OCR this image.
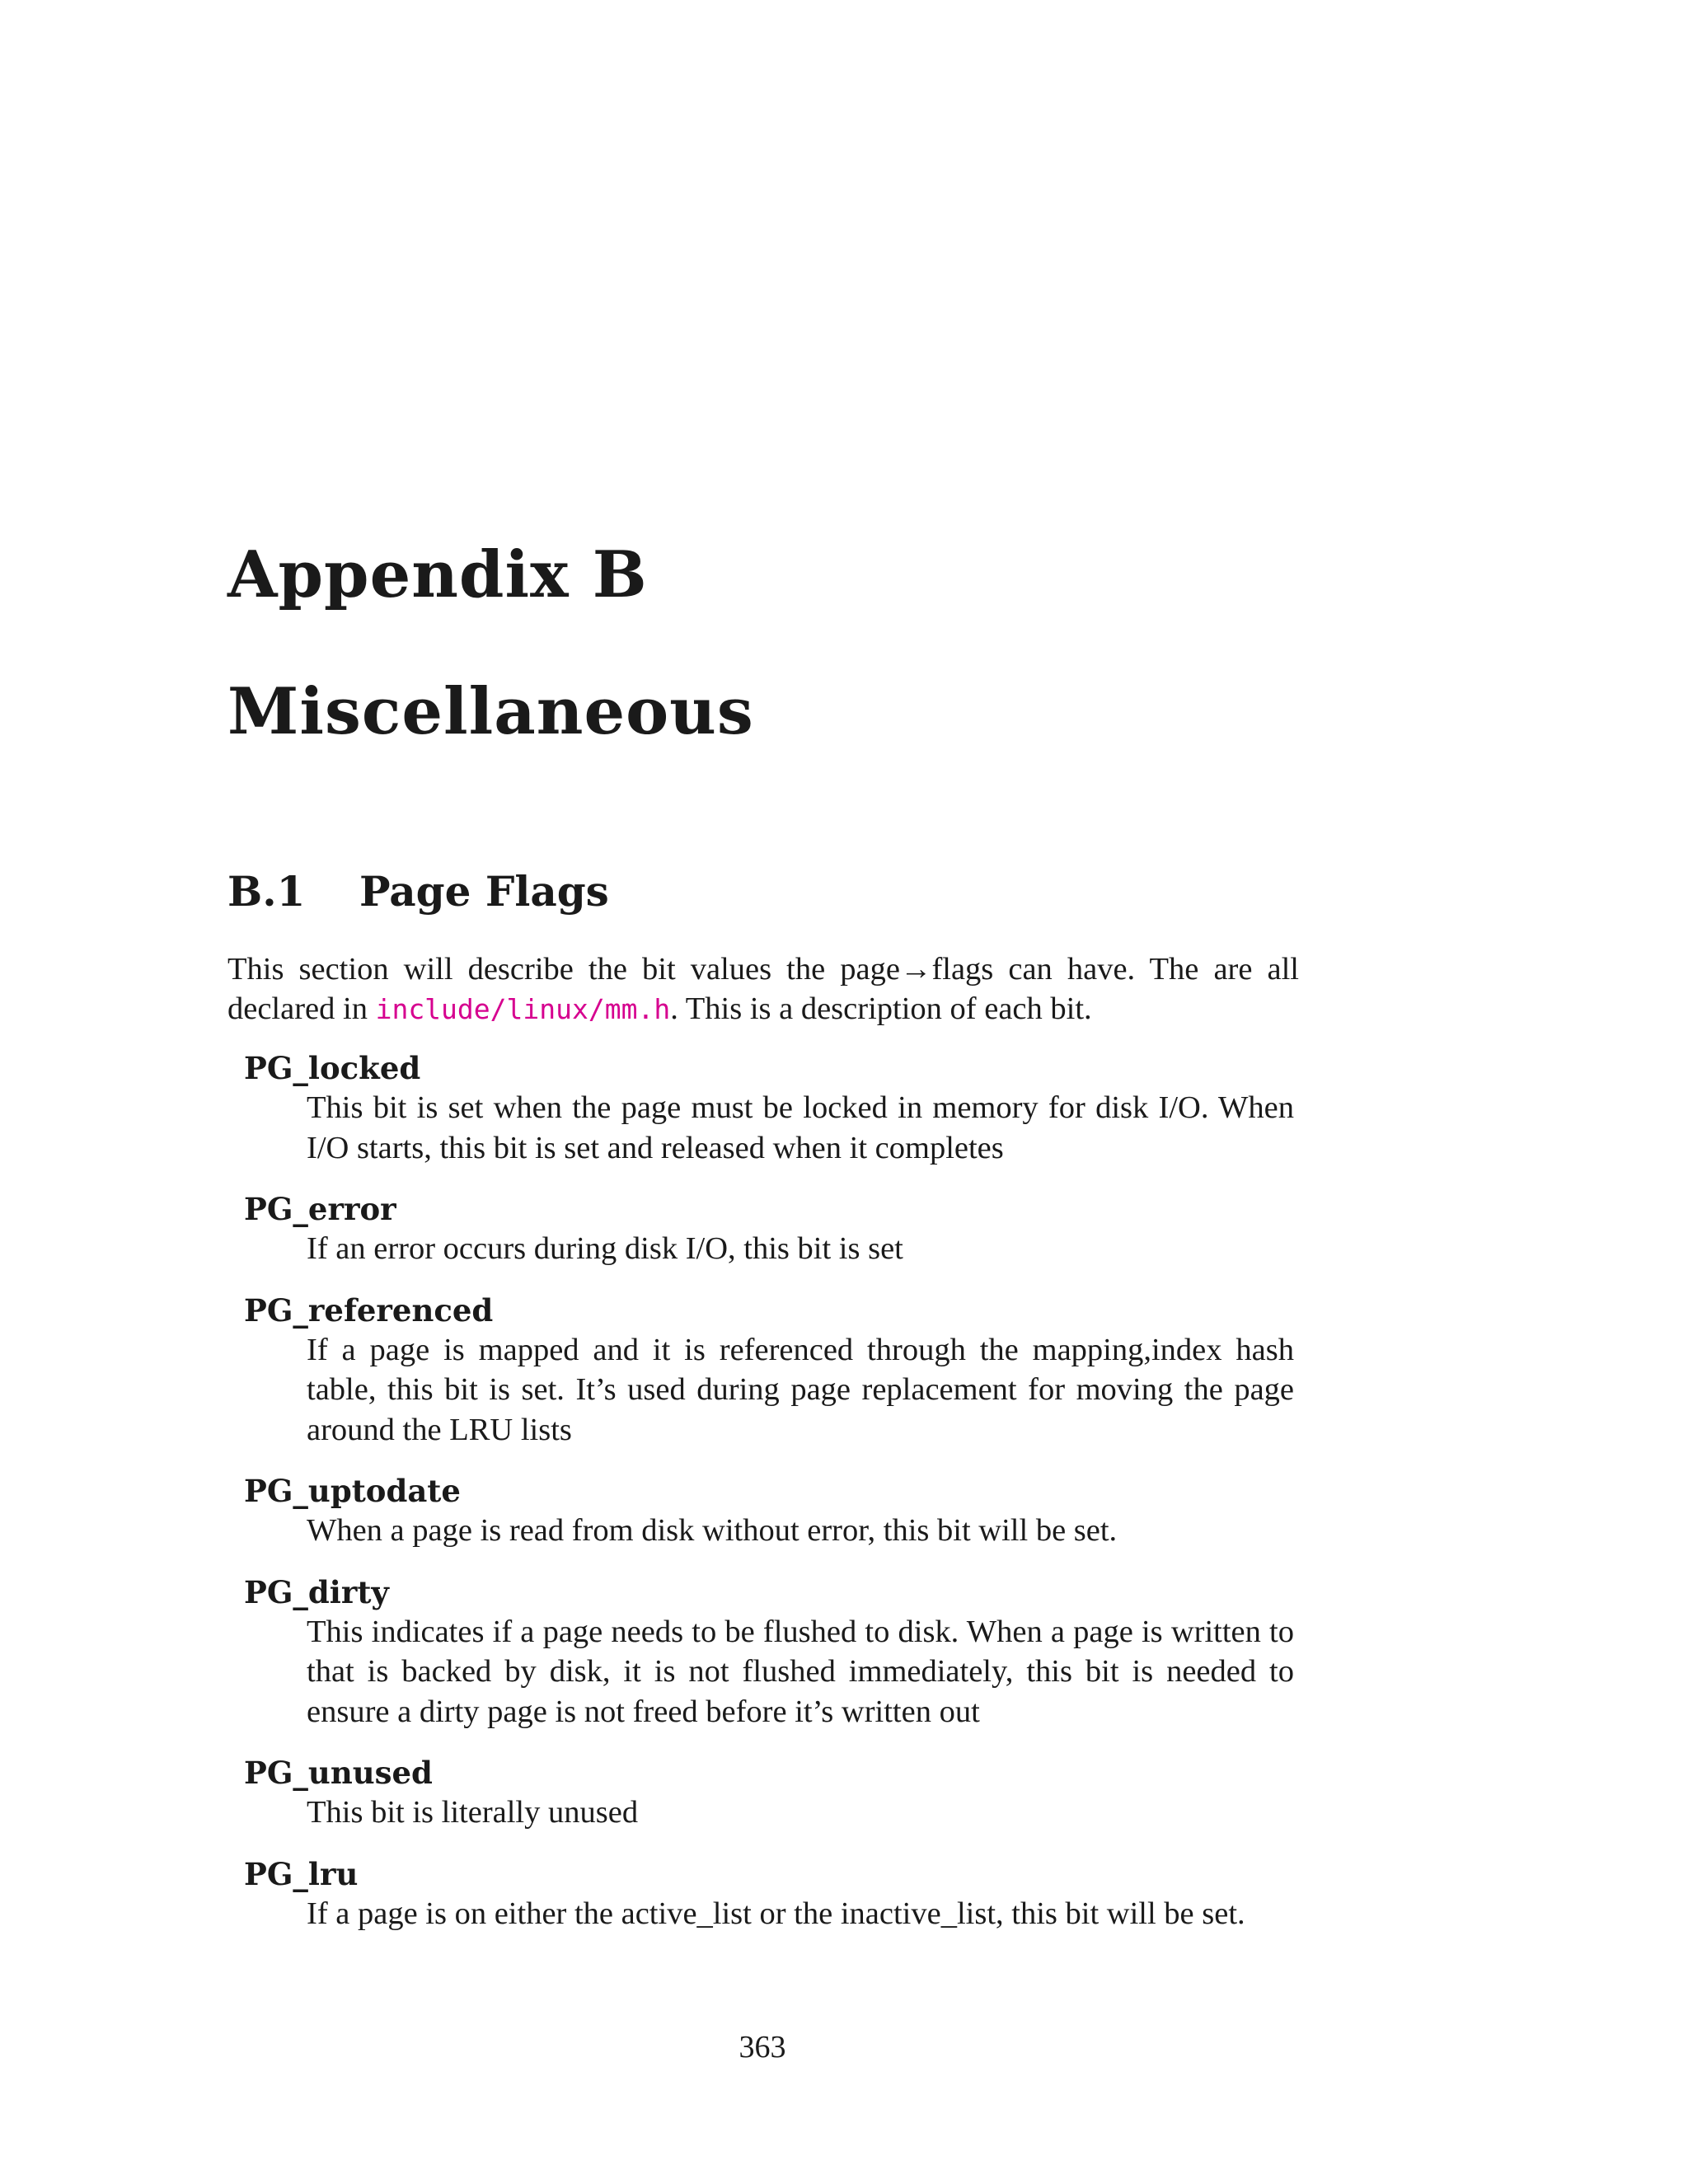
Appendix B
Miscellaneous
B.1 Page Flags

This section will describe the bit values the page→flags can have. The are all declared in include/linux/mm.h. This is a description of each bit.

PG_locked
This bit is set when the page must be locked in memory for disk I/O. When I/O starts, this bit is set and released when it completes
PG_error
If an error occurs during disk I/O, this bit is set
PG_referenced
If a page is mapped and it is referenced through the mapping,index hash table, this bit is set. It’s used during page replacement for moving the page around the LRU lists
PG_uptodate
When a page is read from disk without error, this bit will be set.
PG_dirty
This indicates if a page needs to be flushed to disk. When a page is written to that is backed by disk, it is not flushed immediately, this bit is needed to ensure a dirty page is not freed before it’s written out
PG_unused
This bit is literally unused
PG_lru
If a page is on either the active_list or the inactive_list, this bit will be set.

363
